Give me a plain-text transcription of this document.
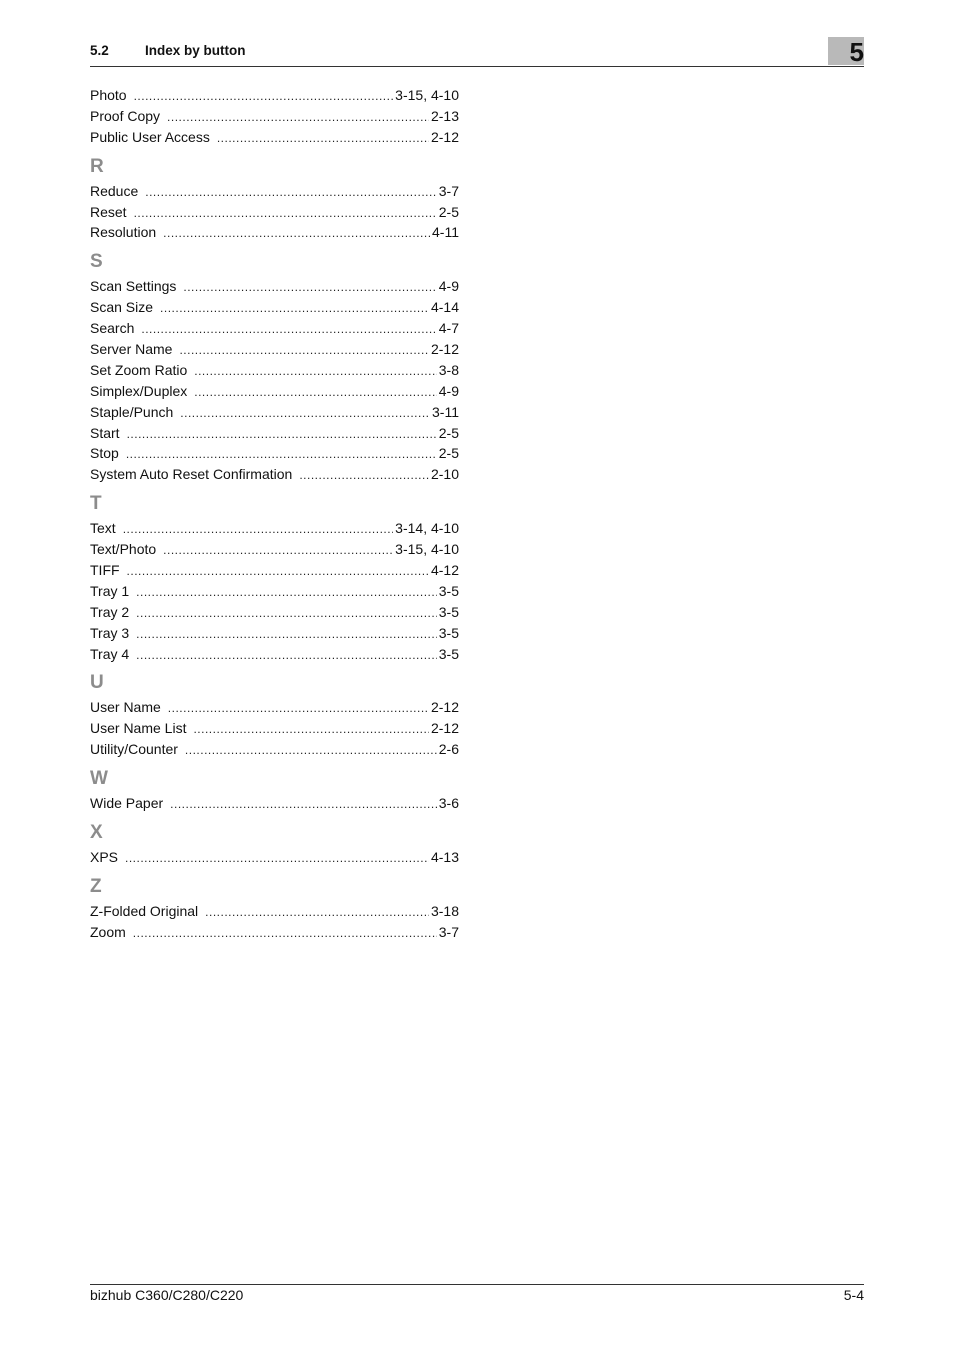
5.2	Index by button	5
Photo .....	3-15, 4-10
Proof Copy .....	2-13
Public User Access .....	2-12
R
Reduce .....	3-7
Reset .....	2-5
Resolution .....	4-11
S
Scan Settings .....	4-9
Scan Size .....	4-14
Search .....	4-7
Server Name .....	2-12
Set Zoom Ratio .....	3-8
Simplex/Duplex .....	4-9
Staple/Punch .....	3-11
Start .....	2-5
Stop .....	2-5
System Auto Reset Confirmation .....	2-10
T
Text .....	3-14, 4-10
Text/Photo .....	3-15, 4-10
TIFF .....	4-12
Tray 1 .....	3-5
Tray 2 .....	3-5
Tray 3 .....	3-5
Tray 4 .....	3-5
U
User Name .....	2-12
User Name List .....	2-12
Utility/Counter .....	2-6
W
Wide Paper .....	3-6
X
XPS .....	4-13
Z
Z-Folded Original .....	3-18
Zoom .....	3-7
bizhub C360/C280/C220	5-4
